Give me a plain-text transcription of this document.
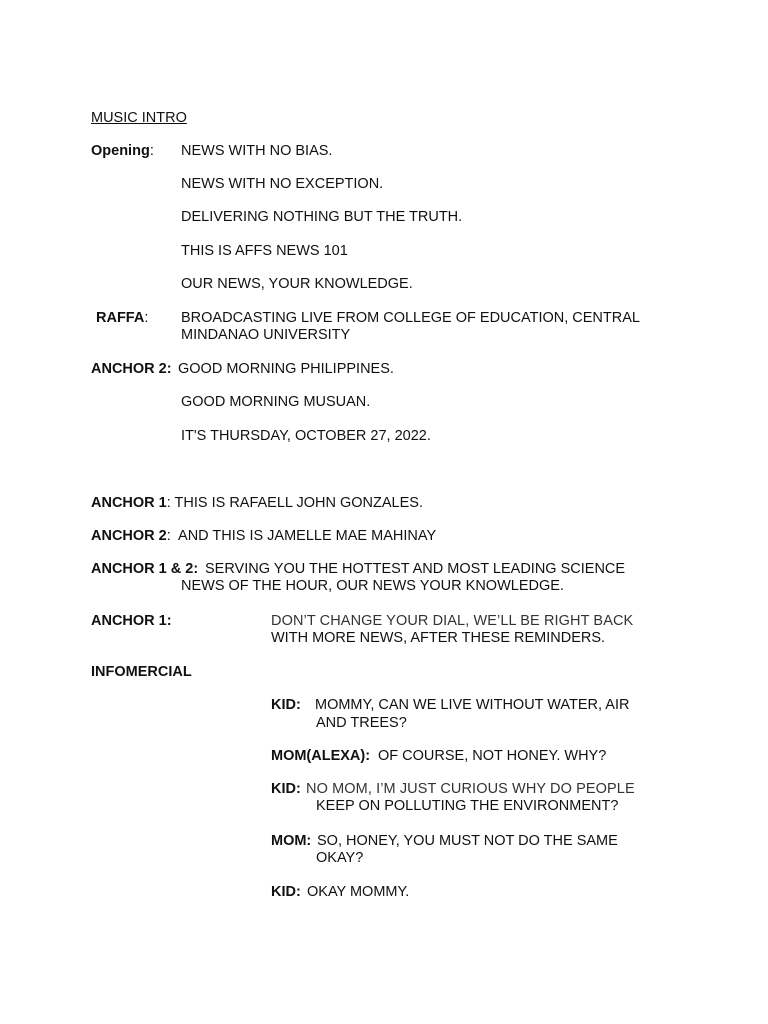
MUSIC INTRO
Opening: NEWS WITH NO BIAS.
NEWS WITH NO EXCEPTION.
DELIVERING NOTHING BUT THE TRUTH.
THIS IS AFFS NEWS 101
OUR NEWS, YOUR KNOWLEDGE.
RAFFA: BROADCASTING LIVE FROM COLLEGE OF EDUCATION, CENTRAL
MINDANAO UNIVERSITY
ANCHOR 2: GOOD MORNING PHILIPPINES.
GOOD MORNING MUSUAN.
IT'S THURSDAY, OCTOBER 27, 2022.
ANCHOR 1: THIS IS RAFAELL JOHN GONZALES.
ANCHOR 2:  AND THIS IS JAMELLE MAE MAHINAY
ANCHOR 1 & 2: SERVING YOU THE HOTTEST AND MOST LEADING SCIENCE
NEWS OF THE HOUR, OUR NEWS YOUR KNOWLEDGE.
ANCHOR 1:	DON’T CHANGE YOUR DIAL, WE’LL BE RIGHT BACK
WITH MORE NEWS, AFTER THESE REMINDERS.
INFOMERCIAL
KID: MOMMY, CAN WE LIVE WITHOUT WATER, AIR
AND TREES?
MOM(ALEXA): OF COURSE, NOT HONEY. WHY?
KID: NO MOM, I’M JUST CURIOUS WHY DO PEOPLE
KEEP ON POLLUTING THE ENVIRONMENT?
MOM: SO, HONEY, YOU MUST NOT DO THE SAME
OKAY?
KID: OKAY MOMMY.
